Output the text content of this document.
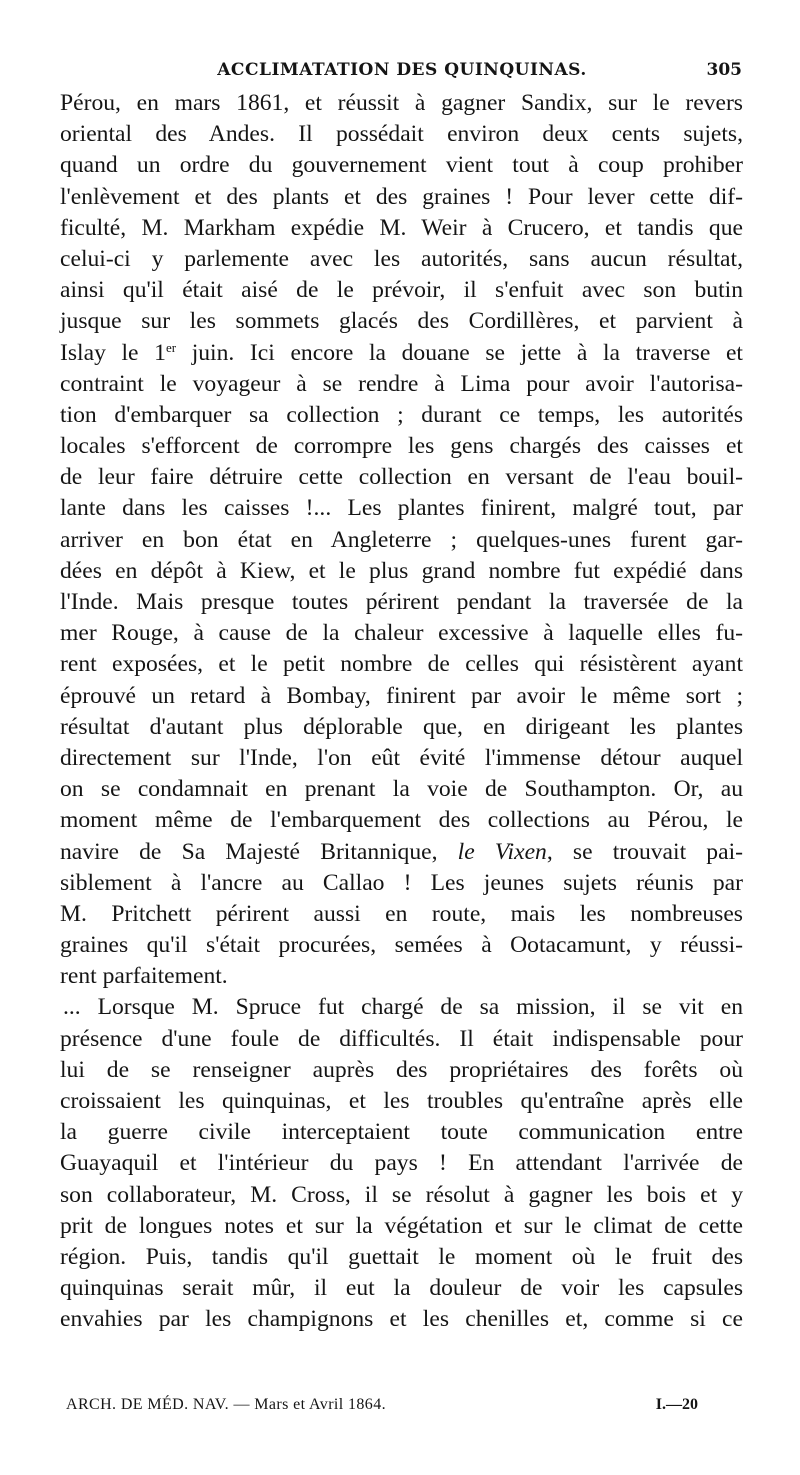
ACCLIMATATION DES QUINQUINAS.	305
Pérou, en mars 1861, et réussit à gagner Sandix, sur le revers
oriental des Andes. Il possédait environ deux cents sujets,
quand un ordre du gouvernement vient tout à coup prohiber
l'enlèvement et des plants et des graines ! Pour lever cette dif-
ficulté, M. Markham expédie M. Weir à Crucero, et tandis que
celui-ci y parlemente avec les autorités, sans aucun résultat,
ainsi qu'il était aisé de le prévoir, il s'enfuit avec son butin
jusque sur les sommets glacés des Cordillères, et parvient à
Islay le 1er juin. Ici encore la douane se jette à la traverse et
contraint le voyageur à se rendre à Lima pour avoir l'autorisa-
tion d'embarquer sa collection ; durant ce temps, les autorités
locales s'efforcent de corrompre les gens chargés des caisses et
de leur faire détruire cette collection en versant de l'eau bouil-
lante dans les caisses !... Les plantes finirent, malgré tout, par
arriver en bon état en Angleterre ; quelques-unes furent gar-
dées en dépôt à Kiew, et le plus grand nombre fut expédié dans
l'Inde. Mais presque toutes périrent pendant la traversée de la
mer Rouge, à cause de la chaleur excessive à laquelle elles fu-
rent exposées, et le petit nombre de celles qui résistèrent ayant
éprouvé un retard à Bombay, finirent par avoir le même sort ;
résultat d'autant plus déplorable que, en dirigeant les plantes
directement sur l'Inde, l'on eût évité l'immense détour auquel
on se condamnait en prenant la voie de Southampton. Or, au
moment même de l'embarquement des collections au Pérou, le
navire de Sa Majesté Britannique, le Vixen, se trouvait pai-
siblement à l'ancre au Callao ! Les jeunes sujets réunis par
M. Pritchett périrent aussi en route, mais les nombreuses
graines qu'il s'était procurées, semées à Ootacamunt, y réussi-
rent parfaitement.
... Lorsque M. Spruce fut chargé de sa mission, il se vit en
présence d'une foule de difficultés. Il était indispensable pour
lui de se renseigner auprès des propriétaires des forêts où
croissaient les quinquinas, et les troubles qu'entraîne après elle
la guerre civile interceptaient toute communication entre
Guayaquil et l'intérieur du pays ! En attendant l'arrivée de
son collaborateur, M. Cross, il se résolut à gagner les bois et y
prit de longues notes et sur la végétation et sur le climat de cette
région. Puis, tandis qu'il guettait le moment où le fruit des
quinquinas serait mûr, il eut la douleur de voir les capsules
envahies par les champignons et les chenilles et, comme si ce
ARCH. DE MÉD. NAV. — Mars et Avril 1864.	I.—20
